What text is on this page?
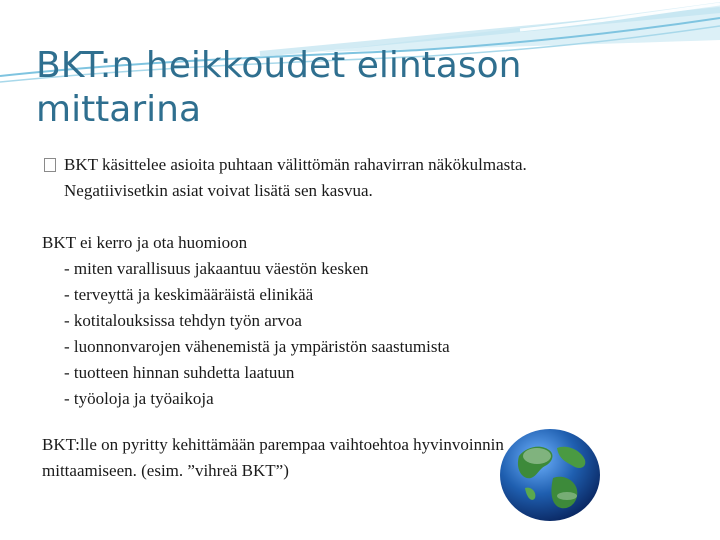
BKT:n heikkoudet elintason mittarina
BKT käsittelee asioita puhtaan välittömän rahavirran näkökulmasta.
Negatiivisetkin asiat voivat lisätä sen kasvua.
BKT ei kerro ja ota huomioon
- miten varallisuus jakaantuu väestön kesken
- terveyttä ja keskimääräistä elinikää
- kotitalouksissa tehdyn työn arvoa
- luonnonvarojen vähenemistä ja ympäristön saastumista
- tuotteen hinnan suhdetta laatuun
- työoloja ja työaikoja
BKT:lle on pyritty kehittämään parempaa vaihtoehtoa hyvinvoinnin
mittaamiseen. (esim. ”vihreä BKT”)
